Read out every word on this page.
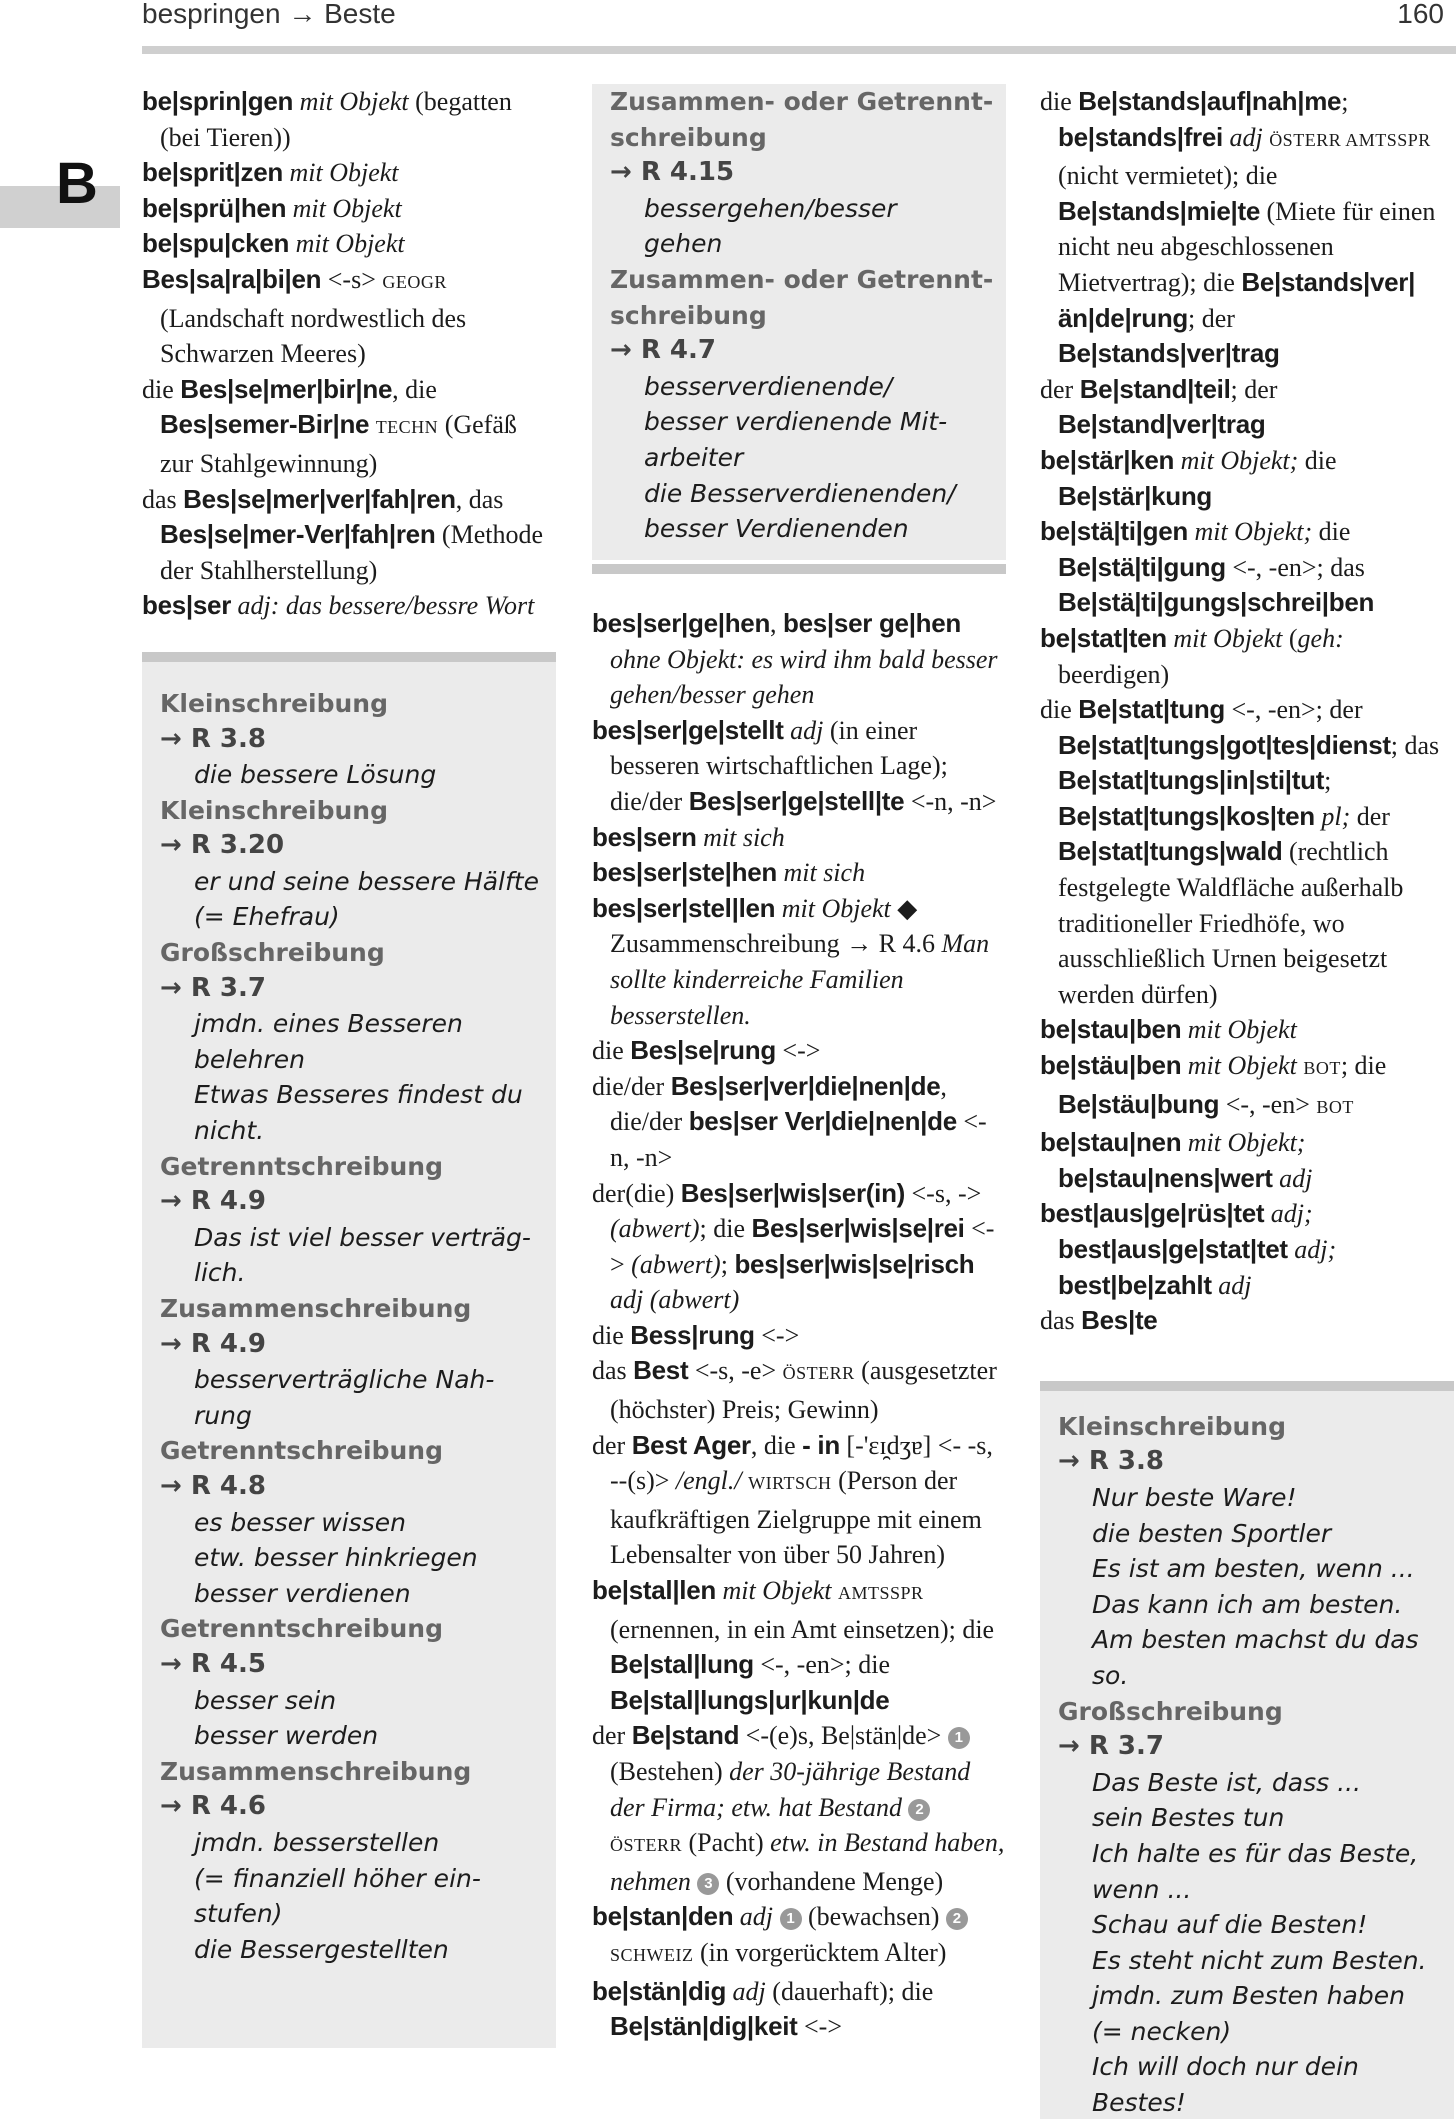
bespringen → Beste	160
B
be|sprin|gen mit Objekt (begatten (bei Tieren))
be|sprit|zen mit Objekt
be|sprü|hen mit Objekt
be|spu|cken mit Objekt
Bes|sa|ra|bi|en <-s> GEOGR (Landschaft nordwestlich des Schwarzen Meeres)
die Bes|se|mer|bir|ne, die Bes|semer-Bir|ne TECHN (Gefäß zur Stahlgewinnung)
das Bes|se|mer|ver|fah|ren, das Bes|se|mer-Ver|fah|ren (Methode der Stahlherstellung)
bes|ser adj: das bessere/bessre Wort
Kleinschreibung
→ R 3.8
die bessere Lösung
Kleinschreibung
→ R 3.20
er und seine bessere Hälfte
(= Ehefrau)
Großschreibung
→ R 3.7
jmdn. eines Besseren
belehren
Etwas Besseres findest du
nicht.
Getrenntschreibung
→ R 4.9
Das ist viel besser verträg-
lich.
Zusammenschreibung
→ R 4.9
besserverträgliche Nah-
rung
Getrenntschreibung
→ R 4.8
es besser wissen
etw. besser hinkriegen
besser verdienen
Getrenntschreibung
→ R 4.5
besser sein
besser werden
Zusammenschreibung
→ R 4.6
jmdn. besserstellen
(= finanziell höher ein-
stufen)
die Bessergestellten
Zusammen- oder Getrennt-
schreibung
→ R 4.15
bessergehen/besser
gehen
Zusammen- oder Getrennt-
schreibung
→ R 4.7
besserverdienende/
besser verdienende Mit-
arbeiter
die Besserverdienenden/
besser Verdienenden
bes|ser|ge|hen, bes|ser ge|hen ohne Objekt: es wird ihm bald besser gehen/besser gehen
bes|ser|ge|stellt adj (in einer besseren wirtschaftlichen Lage); die/der Bes|ser|ge|stell|te <-n, -n>
bes|sern mit sich
bes|ser|ste|hen mit sich
bes|ser|stel|len mit Objekt ◆ Zusammenschreibung → R 4.6 Man sollte kinderreiche Familien besserstellen.
die Bes|se|rung <->
die/der Bes|ser|ver|die|nen|de, die/der bes|ser Ver|die|nen|de <-n, -n>
der(die) Bes|ser|wis|ser(in) <-s, -> (abwert); die Bes|ser|wis|se|rei <-> (abwert); bes|ser|wis|se|risch adj (abwert)
die Bess|rung <->
das Best <-s, -e> ÖSTERR (ausgesetzter (höchster) Preis; Gewinn)
der Best Ager, die - in [-'ɛɪ̯dʒɐ] <- -s, --(s)> /engl./ WIRTSCH (Person der kaufkräftigen Zielgruppe mit einem Lebensalter von über 50 Jahren)
be|stal|len mit Objekt AMTSSPR (ernennen, in ein Amt einsetzen); die Be|stal|lung <-, -en>; die Be|stal|lungs|ur|kun|de
der Be|stand <-(e)s, Be|stän|de> 1 (Bestehen) der 30-jährige Bestand der Firma; etw. hat Bestand 2 ÖSTERR (Pacht) etw. in Bestand haben, nehmen 3 (vorhandene Menge)
be|stan|den adj 1 (bewachsen) 2 SCHWEIZ (in vorgerücktem Alter)
be|stän|dig adj (dauerhaft); die Be|stän|dig|keit <->
die Be|stands|auf|nah|me; be|stands|frei adj ÖSTERR AMTSSPR (nicht vermietet); die Be|stands|mie|te (Miete für einen nicht neu abgeschlossenen Mietvertrag); die Be|stands|ver|än|de|rung; der Be|stands|ver|trag
der Be|stand|teil; der Be|stand|ver|trag
be|stär|ken mit Objekt; die Be|stär|kung
be|stä|ti|gen mit Objekt; die Be|stä|ti|gung <-, -en>; das Be|stä|ti|gungs|schrei|ben
be|stat|ten mit Objekt (geh: beerdigen)
die Be|stat|tung <-, -en>; der Be|stat|tungs|got|tes|dienst; das Be|stat|tungs|in|sti|tut; Be|stat|tungs|kos|ten pl; der Be|stat|tungs|wald (rechtlich festgelegte Waldfläche außerhalb traditioneller Friedhöfe, wo ausschließlich Urnen beigesetzt werden dürfen)
be|stau|ben mit Objekt
be|stäu|ben mit Objekt BOT; die Be|stäu|bung <-, -en> BOT
be|stau|nen mit Objekt; be|stau|nens|wert adj
best|aus|ge|rüs|tet adj; best|aus|ge|stat|tet adj; best|be|zahlt adj
das Bes|te
Kleinschreibung
→ R 3.8
Nur beste Ware!
die besten Sportler
Es ist am besten, wenn ...
Das kann ich am besten.
Am besten machst du das
so.
Großschreibung
→ R 3.7
Das Beste ist, dass ...
sein Bestes tun
Ich halte es für das Beste,
wenn ...
Schau auf die Besten!
Es steht nicht zum Besten.
jmdn. zum Besten haben
(= necken)
Ich will doch nur dein
Bestes!
